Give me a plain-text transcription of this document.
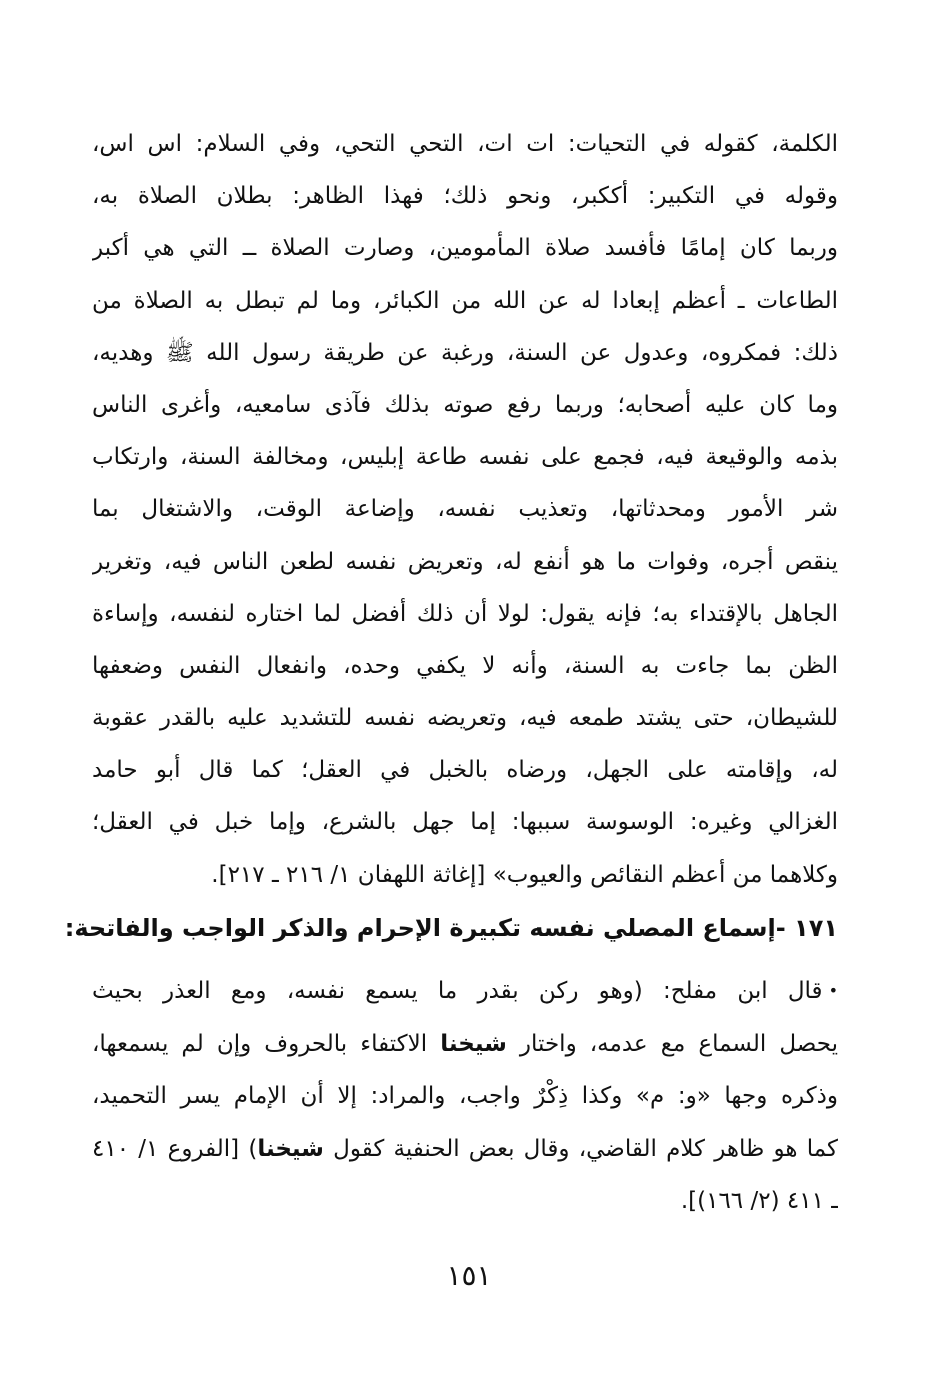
الكلمة، كقوله في التحيات: ات ات، التحي التحي، وفي السلام: اس اس،
وقوله في التكبير: أككبر، ونحو ذلك؛ فهذا الظاهر: بطلان الصلاة به،
وربما كان إمامًا فأفسد صلاة المأمومين، وصارت الصلاة ــ التي هي أكبر
الطاعات ـ أعظم إبعادا له عن الله من الكبائر، وما لم تبطل به الصلاة من
ذلك: فمكروه، وعدول عن السنة، ورغبة عن طريقة رسول الله ﷺ وهديه،
وما كان عليه أصحابه؛ وربما رفع صوته بذلك فآذى سامعيه، وأغرى الناس
بذمه والوقيعة فيه، فجمع على نفسه طاعة إبليس، ومخالفة السنة، وارتكاب
شر الأمور ومحدثاتها، وتعذيب نفسه، وإضاعة الوقت، والاشتغال بما
ينقص أجره، وفوات ما هو أنفع له، وتعريض نفسه لطعن الناس فيه، وتغرير
الجاهل بالإقتداء به؛ فإنه يقول: لولا أن ذلك أفضل لما اختاره لنفسه، وإساءة
الظن بما جاءت به السنة، وأنه لا يكفي وحده، وانفعال النفس وضعفها
للشيطان، حتى يشتد طمعه فيه، وتعريضه نفسه للتشديد عليه بالقدر عقوبة
له، وإقامته على الجهل، ورضاه بالخبل في العقل؛ كما قال أبو حامد
الغزالي وغيره: الوسوسة سببها: إما جهل بالشرع، وإما خبل في العقل؛
وكلاهما من أعظم النقائص والعيوب» [إغاثة اللهفان ١/ ٢١٦ ـ ٢١٧].
١٧١ -إسماع المصلي نفسه تكبيرة الإحرام والذكر الواجب والفاتحة:
•قال ابن مفلح: (وهو ركن بقدر ما يسمع نفسه، ومع العذر بحيث
يحصل السماع مع عدمه، واختار شيخنا الاكتفاء بالحروف وإن لم يسمعها،
وذكره وجها «و: م» وكذا ذِكْرٌ واجب، والمراد: إلا أن الإمام يسر التحميد،
كما هو ظاهر كلام القاضي، وقال بعض الحنفية كقول شيخنا) [الفروع ١/ ٤١٠
ـ ٤١١ (٢/ ١٦٦)].
١٥١
